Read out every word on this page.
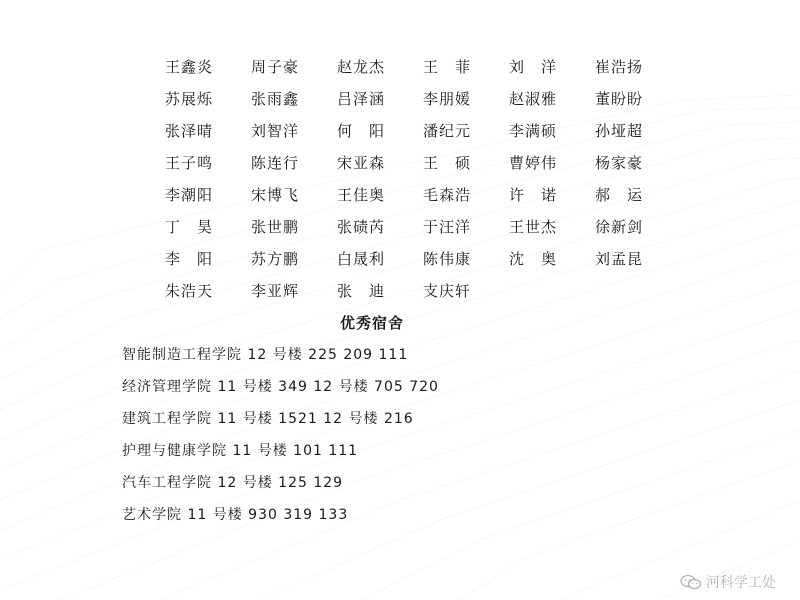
王鑫炎	周子豪	赵龙杰	王　菲	刘　洋	崔浩扬
苏展烁	张雨鑫	吕泽涵	李朋媛	赵淑雅	董盼盼
张泽晴	刘智洋	何　阳	潘纪元	李满硕	孙垭超
王子鸣	陈连行	宋亚森	王　硕	曹婷伟	杨家豪
李潮阳	宋博飞	王佳奥	毛森浩	许　诺	郝　运
丁　昊	张世鹏	张碛芮	于汪洋	王世杰	徐新剑
李　阳	苏方鹏	白晟利	陈伟康	沈　奥	刘孟昆
朱浩天	李亚辉	张　迪	支庆轩
优秀宿舍
智能制造工程学院 12 号楼 225 209 111
经济管理学院 11 号楼 349 12 号楼 705 720
建筑工程学院 11 号楼 1521 12 号楼 216
护理与健康学院 11 号楼 101 111
汽车工程学院 12 号楼 125 129
艺术学院 11 号楼 930 319 133
河科学工处
